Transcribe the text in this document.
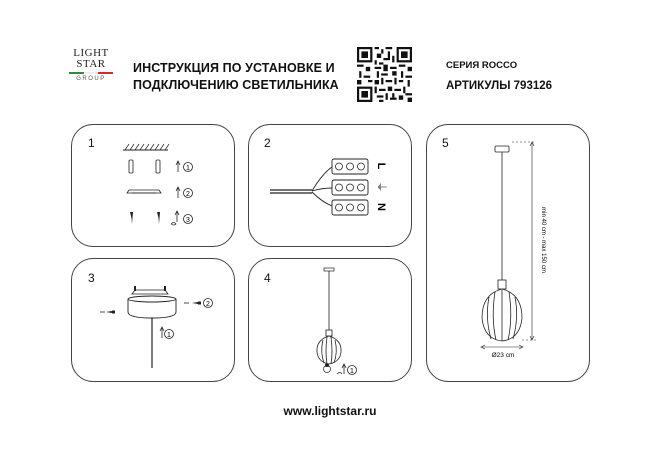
LIGHT
STAR
GROUP
ИНСТРУКЦИЯ ПО УСТАНОВКЕ И
ПОДКЛЮЧЕНИЮ СВЕТИЛЬНИКА
СЕРИЯ ROCCO
АРТИКУЛЫ 793126
1	2
3	4
5
1
2
3
L
⏚
N
2
1
1
min 40 cm - max 150 cm
Ø23 cm
www.lightstar.ru
